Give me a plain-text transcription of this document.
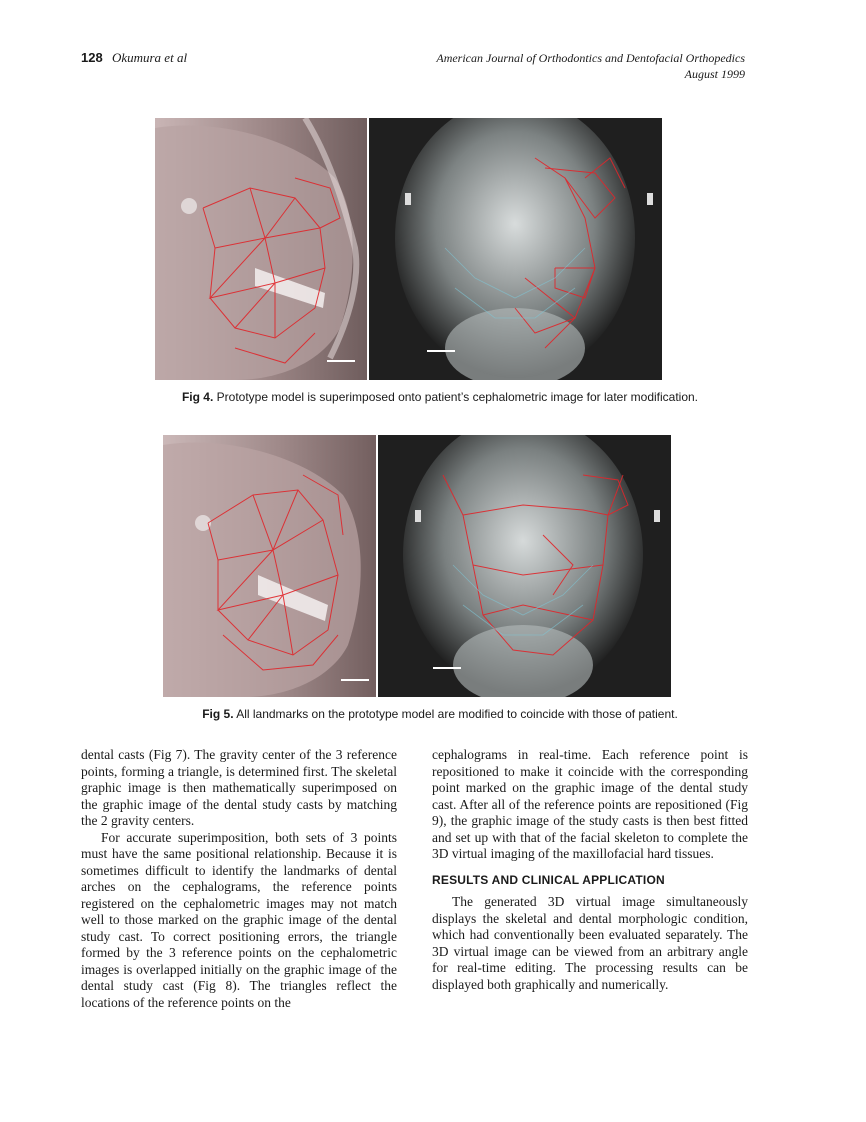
128 Okumura et al	American Journal of Orthodontics and Dentofacial Orthopedics
August 1999
Fig 4. Prototype model is superimposed onto patient’s cephalometric image for later modification.
Fig 5. All landmarks on the prototype model are modified to coincide with those of patient.

dental casts (Fig 7). The gravity center of the 3 reference points, forming a triangle, is determined first. The skeletal graphic image is then mathematically superimposed on the graphic image of the dental study casts by matching the 2 gravity centers.

For accurate superimposition, both sets of 3 points must have the same positional relationship. Because it is sometimes difficult to identify the landmarks of dental arches on the cephalograms, the reference points registered on the cephalometric images may not match well to those marked on the graphic image of the dental study cast. To correct positioning errors, the triangle formed by the 3 reference points on the cephalometric images is overlapped initially on the graphic image of the dental study cast (Fig 8). The triangles reflect the locations of the reference points on the

cephalograms in real-time. Each reference point is repositioned to make it coincide with the corresponding point marked on the graphic image of the dental study cast. After all of the reference points are repositioned (Fig 9), the graphic image of the study casts is then best fitted and set up with that of the facial skeleton to complete the 3D virtual imaging of the maxillofacial hard tissues.

RESULTS AND CLINICAL APPLICATION

The generated 3D virtual image simultaneously displays the skeletal and dental morphologic condition, which had conventionally been evaluated separately. The 3D virtual image can be viewed from an arbitrary angle for real-time editing. The processing results can be displayed both graphically and numerically.
